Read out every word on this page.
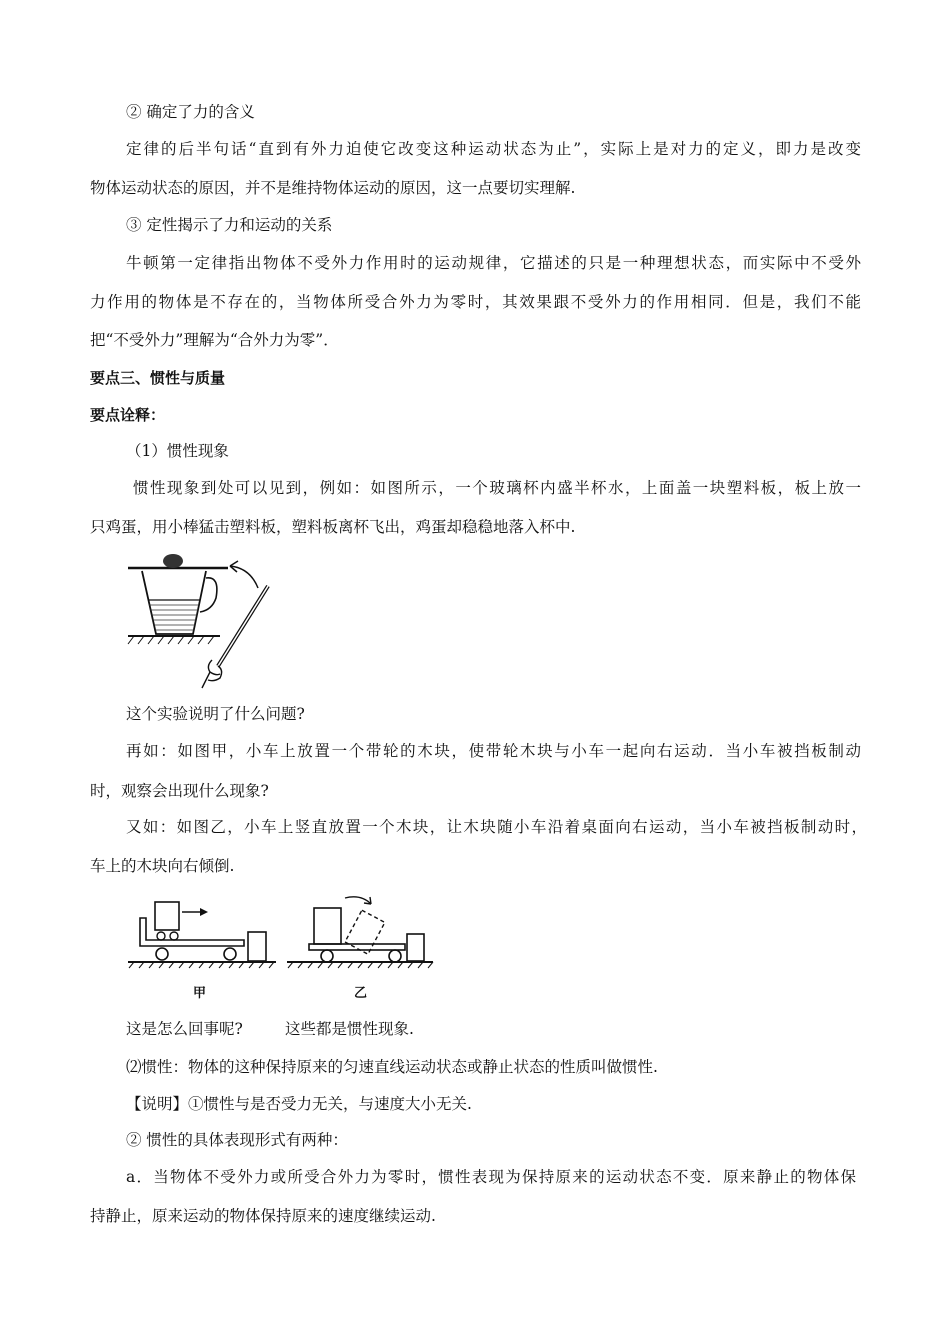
② 确定了力的含义
定律的后半句话“直到有外力迫使它改变这种运动状态为止”，实际上是对力的定义，即力是改变
物体运动状态的原因，并不是维持物体运动的原因，这一点要切实理解.
③ 定性揭示了力和运动的关系
牛顿第一定律指出物体不受外力作用时的运动规律，它描述的只是一种理想状态，而实际中不受外
力作用的物体是不存在的，当物体所受合外力为零时，其效果跟不受外力的作用相同．但是，我们不能
把“不受外力”理解为“合外力为零”．
要点三、惯性与质量
要点诠释：
（1）惯性现象
惯性现象到处可以见到，例如：如图所示，一个玻璃杯内盛半杯水，上面盖一块塑料板，板上放一
只鸡蛋，用小棒猛击塑料板，塑料板离杯飞出，鸡蛋却稳稳地落入杯中.
这个实验说明了什么问题?
再如：如图甲，小车上放置一个带轮的木块，使带轮木块与小车一起向右运动．当小车被挡板制动
时，观察会出现什么现象?
又如：如图乙，小车上竖直放置一个木块，让木块随小车沿着桌面向右运动，当小车被挡板制动时，
车上的木块向右倾倒.
甲	乙
这是怎么回事呢?	这些都是惯性现象.
⑵惯性：物体的这种保持原来的匀速直线运动状态或静止状态的性质叫做惯性.
【说明】①惯性与是否受力无关，与速度大小无关.
② 惯性的具体表现形式有两种：
a．当物体不受外力或所受合外力为零时，惯性表现为保持原来的运动状态不变．原来静止的物体保
持静止，原来运动的物体保持原来的速度继续运动.
